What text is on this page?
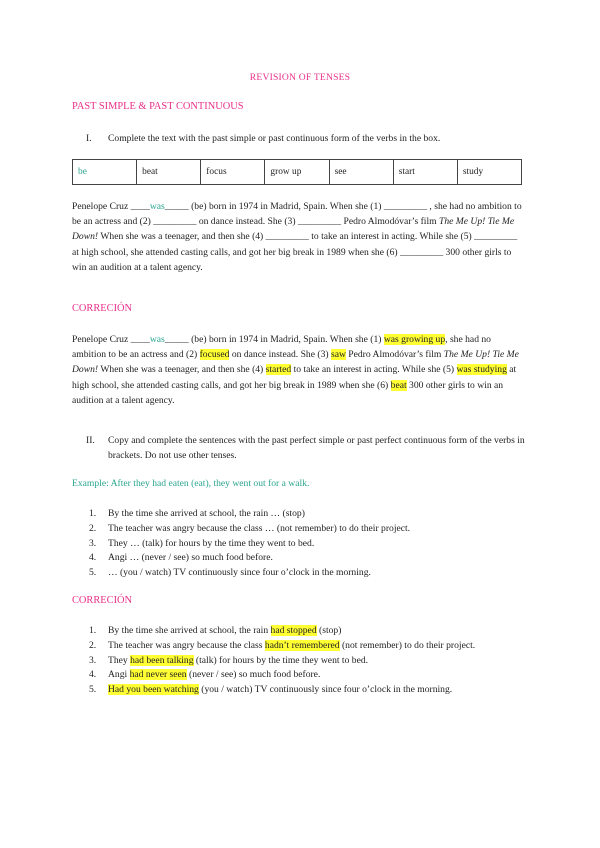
REVISION OF TENSES
PAST SIMPLE & PAST CONTINUOUS
I. Complete the text with the past simple or past continuous form of the verbs in the box.
be	beat	focus	grow up	see	start	study
Penelope Cruz ____was_____ (be) born in 1974 in Madrid, Spain. When she (1) _________ , she had no ambition to be an actress and (2) _________ on dance instead. She (3) _________ Pedro Almodóvar’s film The Me Up! Tie Me Down! When she was a teenager, and then she (4) _________ to take an interest in acting. While she (5) _________ at high school, she attended casting calls, and got her big break in 1989 when she (6) _________ 300 other girls to win an audition at a talent agency.
CORRECIÓN
Penelope Cruz ____was_____ (be) born in 1974 in Madrid, Spain. When she (1) was growing up, she had no ambition to be an actress and (2) focused on dance instead. She (3) saw Pedro Almodóvar’s film The Me Up! Tie Me Down! When she was a teenager, and then she (4) started to take an interest in acting. While she (5) was studying at high school, she attended casting calls, and got her big break in 1989 when she (6) beat 300 other girls to win an audition at a talent agency.
II. Copy and complete the sentences with the past perfect simple or past perfect continuous form of the verbs in brackets. Do not use other tenses.
Example: After they had eaten (eat), they went out for a walk.
1. By the time she arrived at school, the rain … (stop)
2. The teacher was angry because the class … (not remember) to do their project.
3. They … (talk) for hours by the time they went to bed.
4. Angi … (never / see) so much food before.
5. … (you / watch) TV continuously since four o’clock in the morning.
CORRECIÓN
1. By the time she arrived at school, the rain had stopped (stop)
2. The teacher was angry because the class hadn’t remembered (not remember) to do their project.
3. They had been talking (talk) for hours by the time they went to bed.
4. Angi had never seen (never / see) so much food before.
5. Had you been watching (you / watch) TV continuously since four o’clock in the morning.
